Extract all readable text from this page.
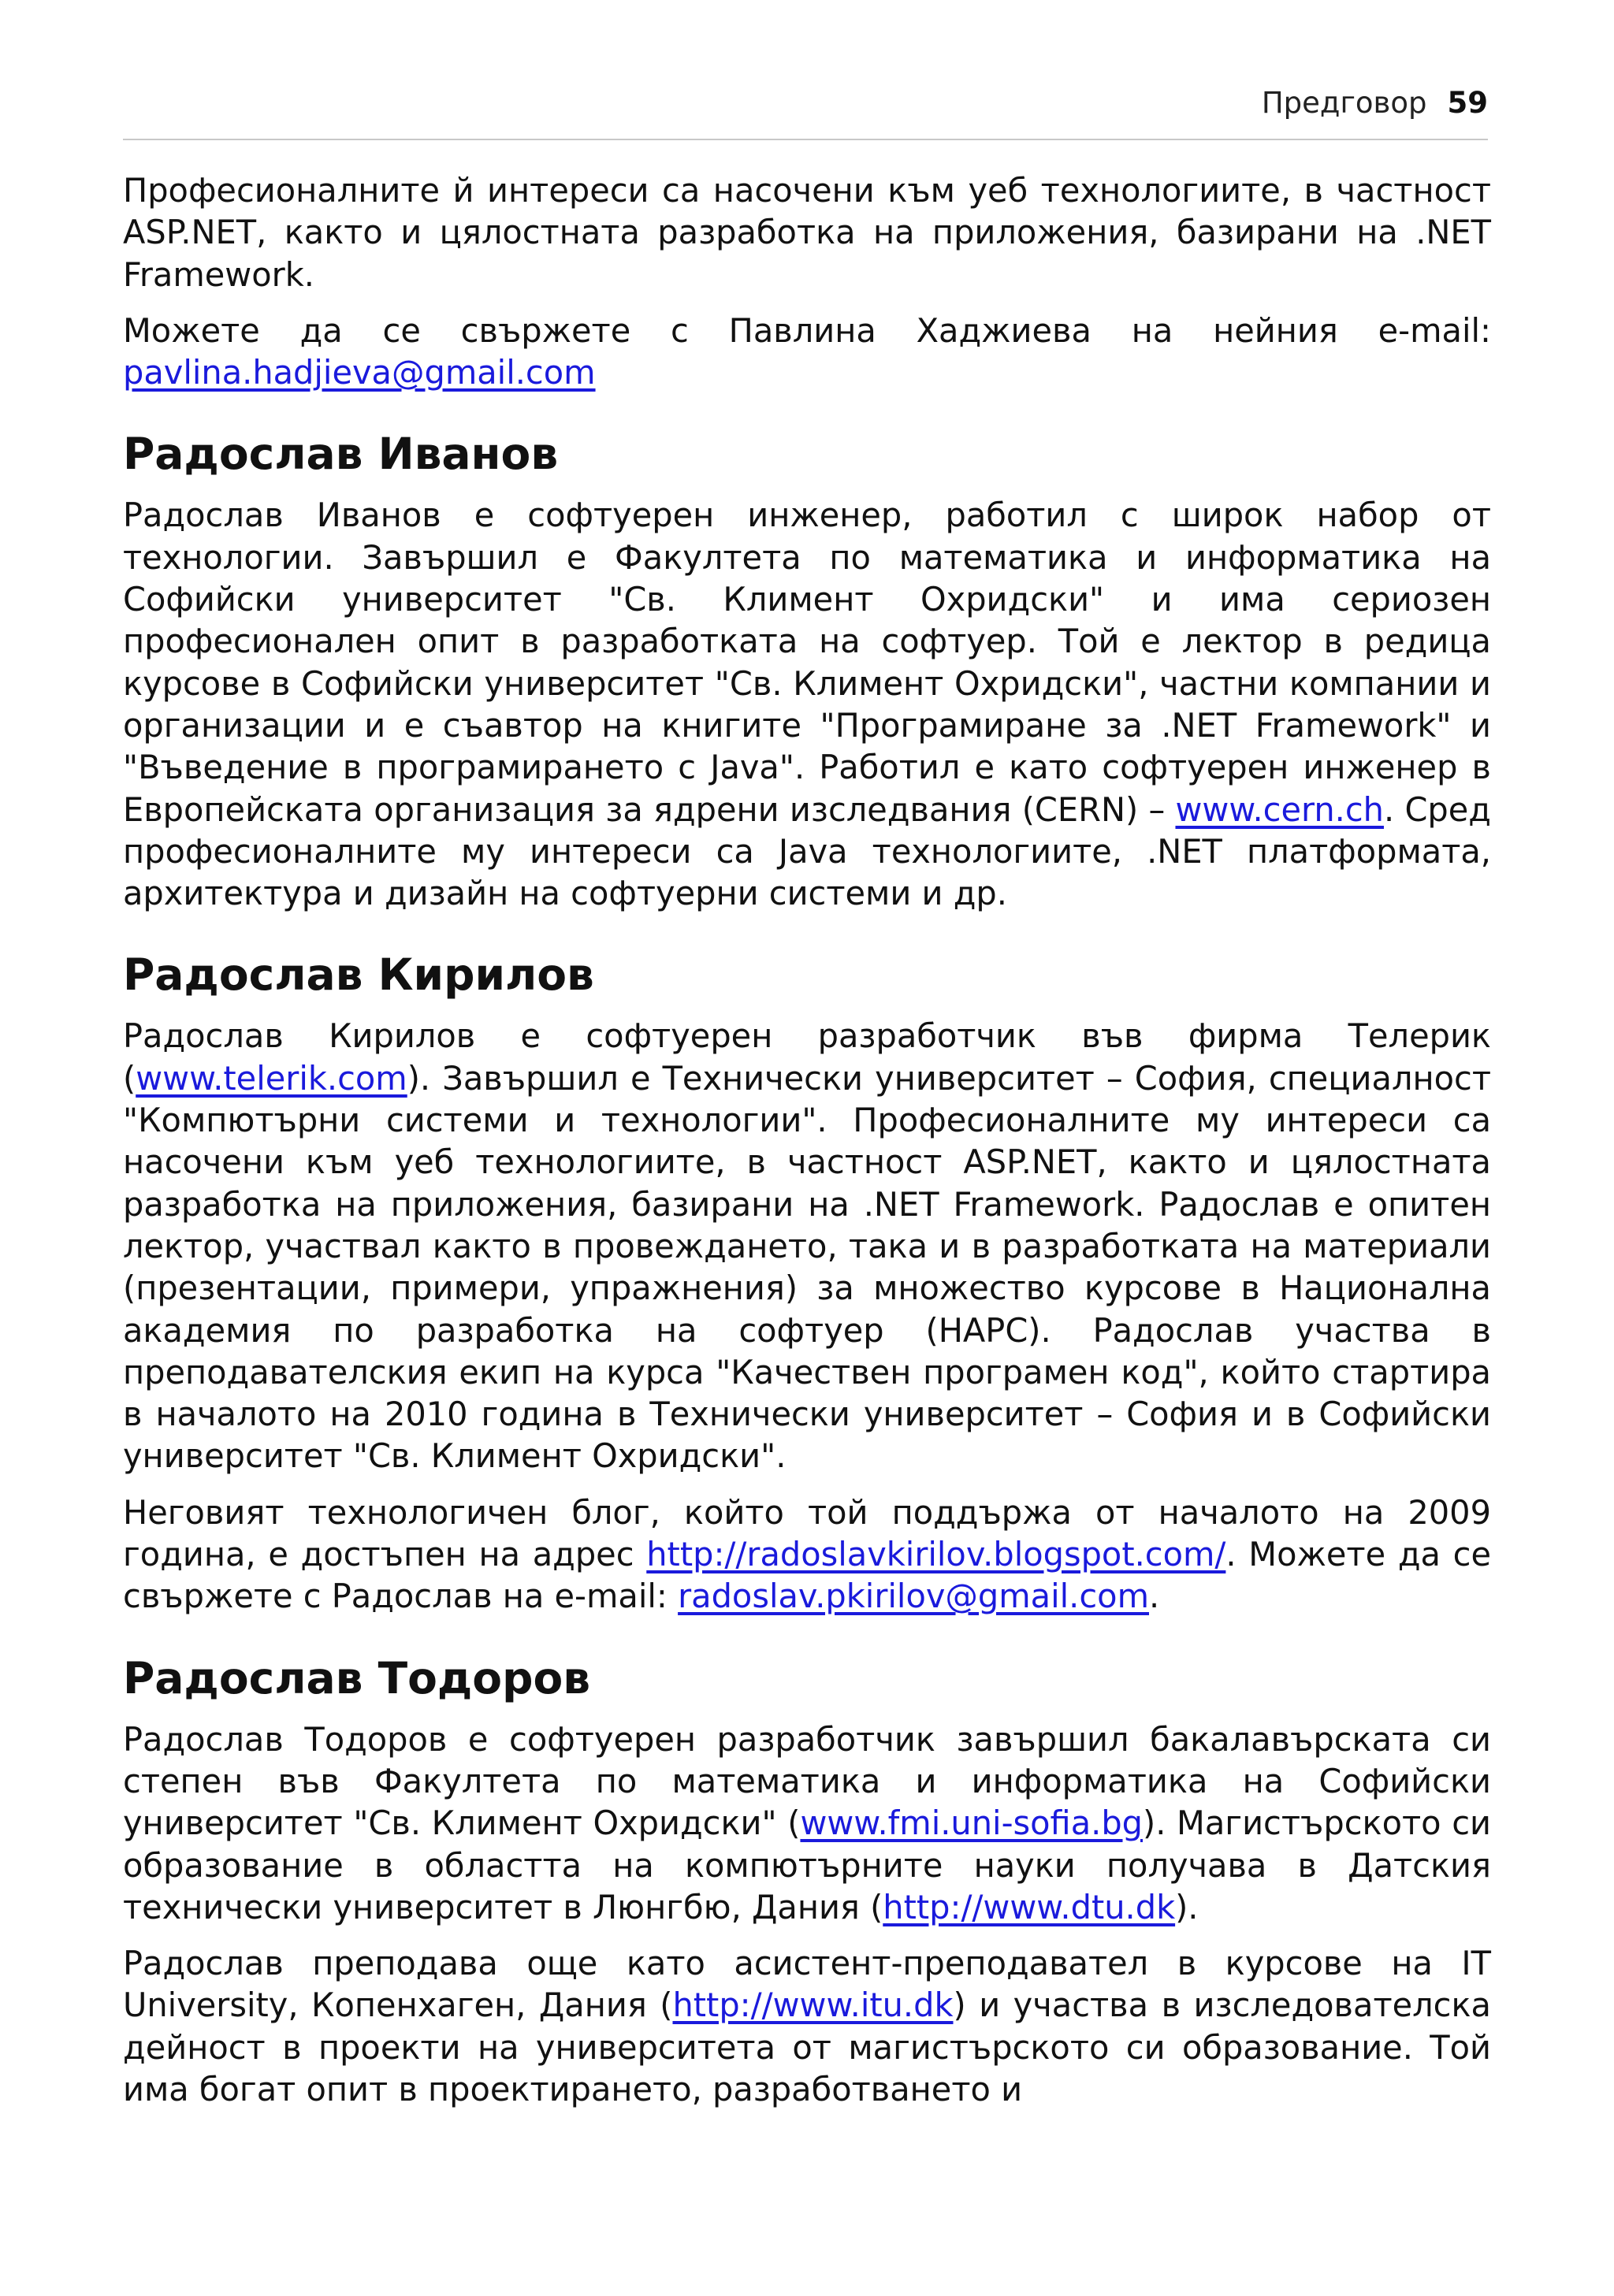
Предговор 59

Професионалните й интереси са насочени към уеб технологиите, в частност ASP.NET, както и цялостната разработка на приложения, базирани на .NET Framework.

Можете да се свържете с Павлина Хаджиева на нейния e-mail: pavlina.hadjieva@gmail.com

Радослав Иванов

Радослав Иванов е софтуерен инженер, работил с широк набор от технологии. Завършил е Факултета по математика и информатика на Софийски университет "Св. Климент Охридски" и има сериозен професионален опит в разработката на софтуер. Той е лектор в редица курсове в Софийски университет "Св. Климент Охридски", частни компании и организации и е съавтор на книгите "Програмиране за .NET Framework" и "Въведение в програмирането с Java". Работил е като софтуерен инженер в Европейската организация за ядрени изследвания (CERN) – www.cern.ch. Сред професионалните му интереси са Java технологиите, .NET платформата, архитектура и дизайн на софтуерни системи и др.

Радослав Кирилов

Радослав Кирилов е софтуерен разработчик във фирма Телерик (www.telerik.com). Завършил е Технически университет – София, специалност "Компютърни системи и технологии". Професионалните му интереси са насочени към уеб технологиите, в частност ASP.NET, както и цялостната разработка на приложения, базирани на .NET Framework. Радослав е опитен лектор, участвал както в провеждането, така и в разработката на материали (презентации, примери, упражнения) за множество курсове в Национална академия по разработка на софтуер (НАРС). Радослав участва в преподавателския екип на курса "Качествен програмен код", който стартира в началото на 2010 година в Технически университет – София и в Софийски университет "Св. Климент Охридски".

Неговият технологичен блог, който той поддържа от началото на 2009 година, е достъпен на адрес http://radoslavkirilov.blogspot.com/. Можете да се свържете с Радослав на e-mail: radoslav.pkirilov@gmail.com.

Радослав Тодоров

Радослав Тодоров е софтуерен разработчик завършил бакалавърската си степен във Факултета по математика и информатика на Софийски университет "Св. Климент Охридски" (www.fmi.uni-sofia.bg). Магистърското си образование в областта на компютърните науки получава в Датския технически университет в Люнгбю, Дания (http://www.dtu.dk).

Радослав преподава още като асистент-преподавател в курсове на IT University, Копенхаген, Дания (http://www.itu.dk) и участва в изследователска дейност в проекти на университета от магистърското си образование. Той има богат опит в проектирането, разработването и
